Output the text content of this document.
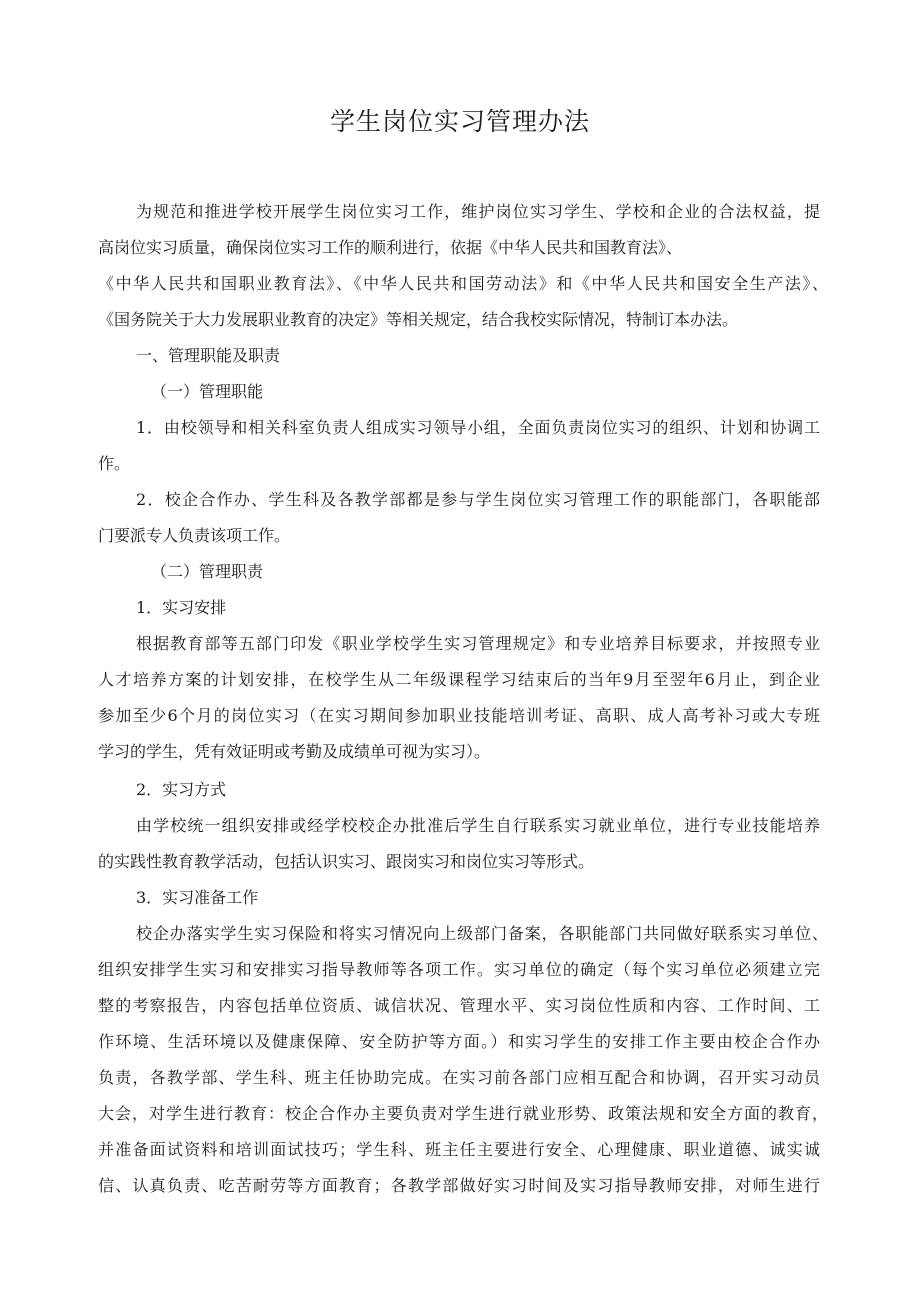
学生岗位实习管理办法
为规范和推进学校开展学生岗位实习工作，维护岗位实习学生、学校和企业的合法权益，提
高岗位实习质量，确保岗位实习工作的顺利进行，依据《中华人民共和国教育法》、
《中华人民共和国职业教育法》、《中华人民共和国劳动法》和《中华人民共和国安全生产法》、
《国务院关于大力发展职业教育的决定》等相关规定，结合我校实际情况，特制订本办法。
一、管理职能及职责
（一）管理职能
1．由校领导和相关科室负责人组成实习领导小组，全面负责岗位实习的组织、计划和协调工
作。
2．校企合作办、学生科及各教学部都是参与学生岗位实习管理工作的职能部门，各职能部
门要派专人负责该项工作。
（二）管理职责
1．实习安排
根据教育部等五部门印发《职业学校学生实习管理规定》和专业培养目标要求，并按照专业
人才培养方案的计划安排，在校学生从二年级课程学习结束后的当年9月至翌年6月止，到企业
参加至少6个月的岗位实习（在实习期间参加职业技能培训考证、高职、成人高考补习或大专班
学习的学生，凭有效证明或考勤及成绩单可视为实习）。
2．实习方式
由学校统一组织安排或经学校校企办批准后学生自行联系实习就业单位，进行专业技能培养
的实践性教育教学活动，包括认识实习、跟岗实习和岗位实习等形式。
3．实习准备工作
校企办落实学生实习保险和将实习情况向上级部门备案，各职能部门共同做好联系实习单位、
组织安排学生实习和安排实习指导教师等各项工作。实习单位的确定（每个实习单位必须建立完
整的考察报告，内容包括单位资质、诚信状况、管理水平、实习岗位性质和内容、工作时间、工
作环境、生活环境以及健康保障、安全防护等方面。）和实习学生的安排工作主要由校企合作办
负责，各教学部、学生科、班主任协助完成。在实习前各部门应相互配合和协调，召开实习动员
大会，对学生进行教育：校企合作办主要负责对学生进行就业形势、政策法规和安全方面的教育，
并准备面试资料和培训面试技巧；学生科、班主任主要进行安全、心理健康、职业道德、诚实诚
信、认真负责、吃苦耐劳等方面教育；各教学部做好实习时间及实习指导教师安排，对师生进行
